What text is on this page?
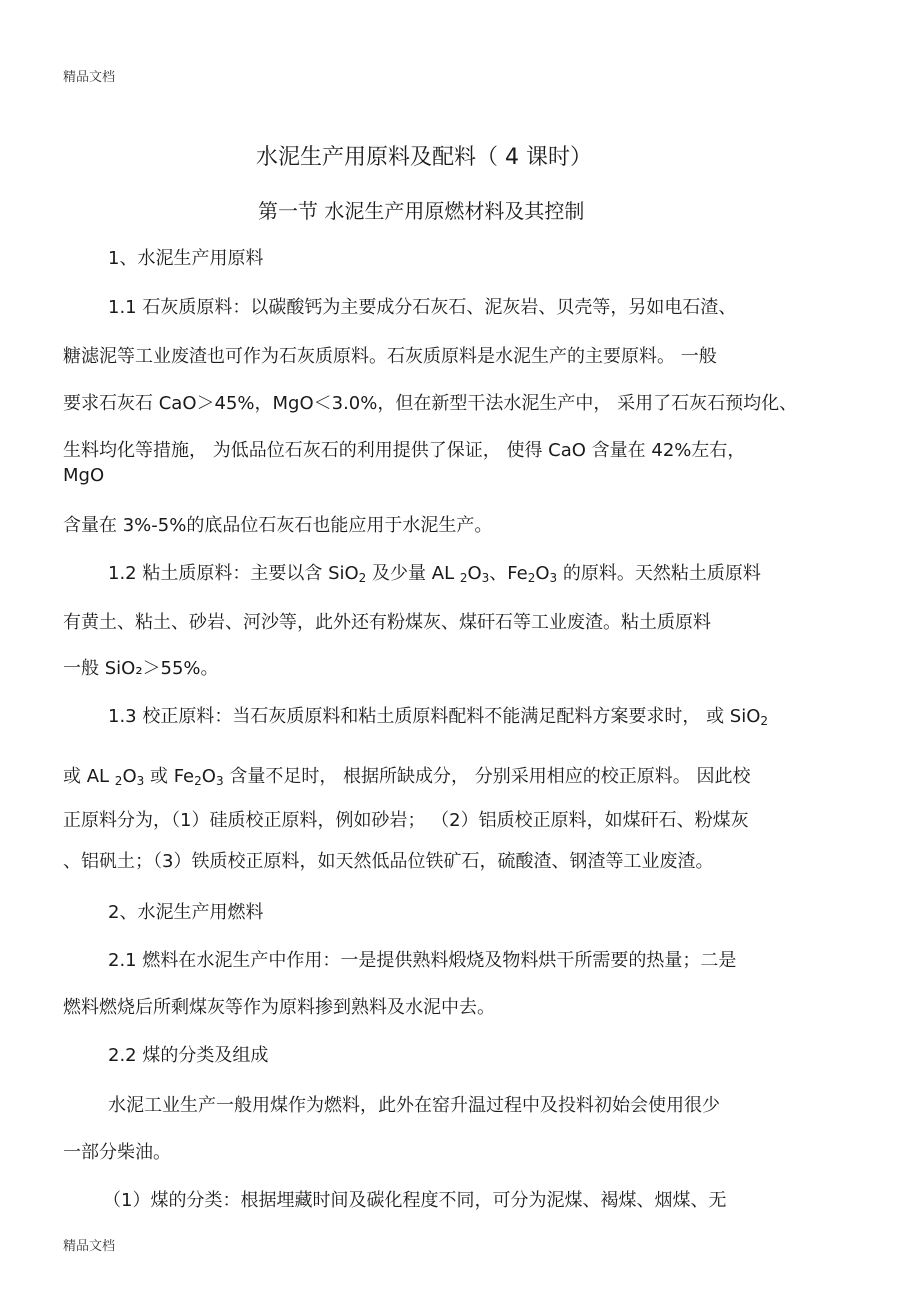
精品文档
水泥生产用原料及配料（ 4 课时）
第一节 水泥生产用原燃材料及其控制
1、水泥生产用原料
1.1 石灰质原料：以碳酸钙为主要成分石灰石、泥灰岩、贝壳等，另如电石渣、
糖滤泥等工业废渣也可作为石灰质原料。石灰质原料是水泥生产的主要原料。 一般
要求石灰石 CaO＞45%，MgO＜3.0%，但在新型干法水泥生产中， 采用了石灰石预均化、
生料均化等措施， 为低品位石灰石的利用提供了保证， 使得 CaO 含量在 42%左右，
MgO
含量在 3%-5%的底品位石灰石也能应用于水泥生产。
1.2 粘土质原料：主要以含 SiO$_2$ 及少量 AL $_2O_3$、$Fe_2O_3$ 的原料。天然粘土质原料
有黄土、粘土、砂岩、河沙等，此外还有粉煤灰、煤矸石等工业废渣。粘土质原料
一般 SiO₂＞55%。
1.3 校正原料：当石灰质原料和粘土质原料配料不能满足配料方案要求时， 或 SiO$_2$
或 AL $_2O_3$ 或 $Fe_2O_3$ 含量不足时， 根据所缺成分， 分别采用相应的校正原料。 因此校
正原料分为，（1）硅质校正原料，例如砂岩； （2）铝质校正原料，如煤矸石、粉煤灰
、铝矾土；（3）铁质校正原料，如天然低品位铁矿石，硫酸渣、钢渣等工业废渣。
2、水泥生产用燃料
2.1 燃料在水泥生产中作用：一是提供熟料煅烧及物料烘干所需要的热量；二是
燃料燃烧后所剩煤灰等作为原料掺到熟料及水泥中去。
2.2 煤的分类及组成
水泥工业生产一般用煤作为燃料，此外在窑升温过程中及投料初始会使用很少
一部分柴油。
（1）煤的分类：根据埋藏时间及碳化程度不同，可分为泥煤、褐煤、烟煤、无
精品文档
